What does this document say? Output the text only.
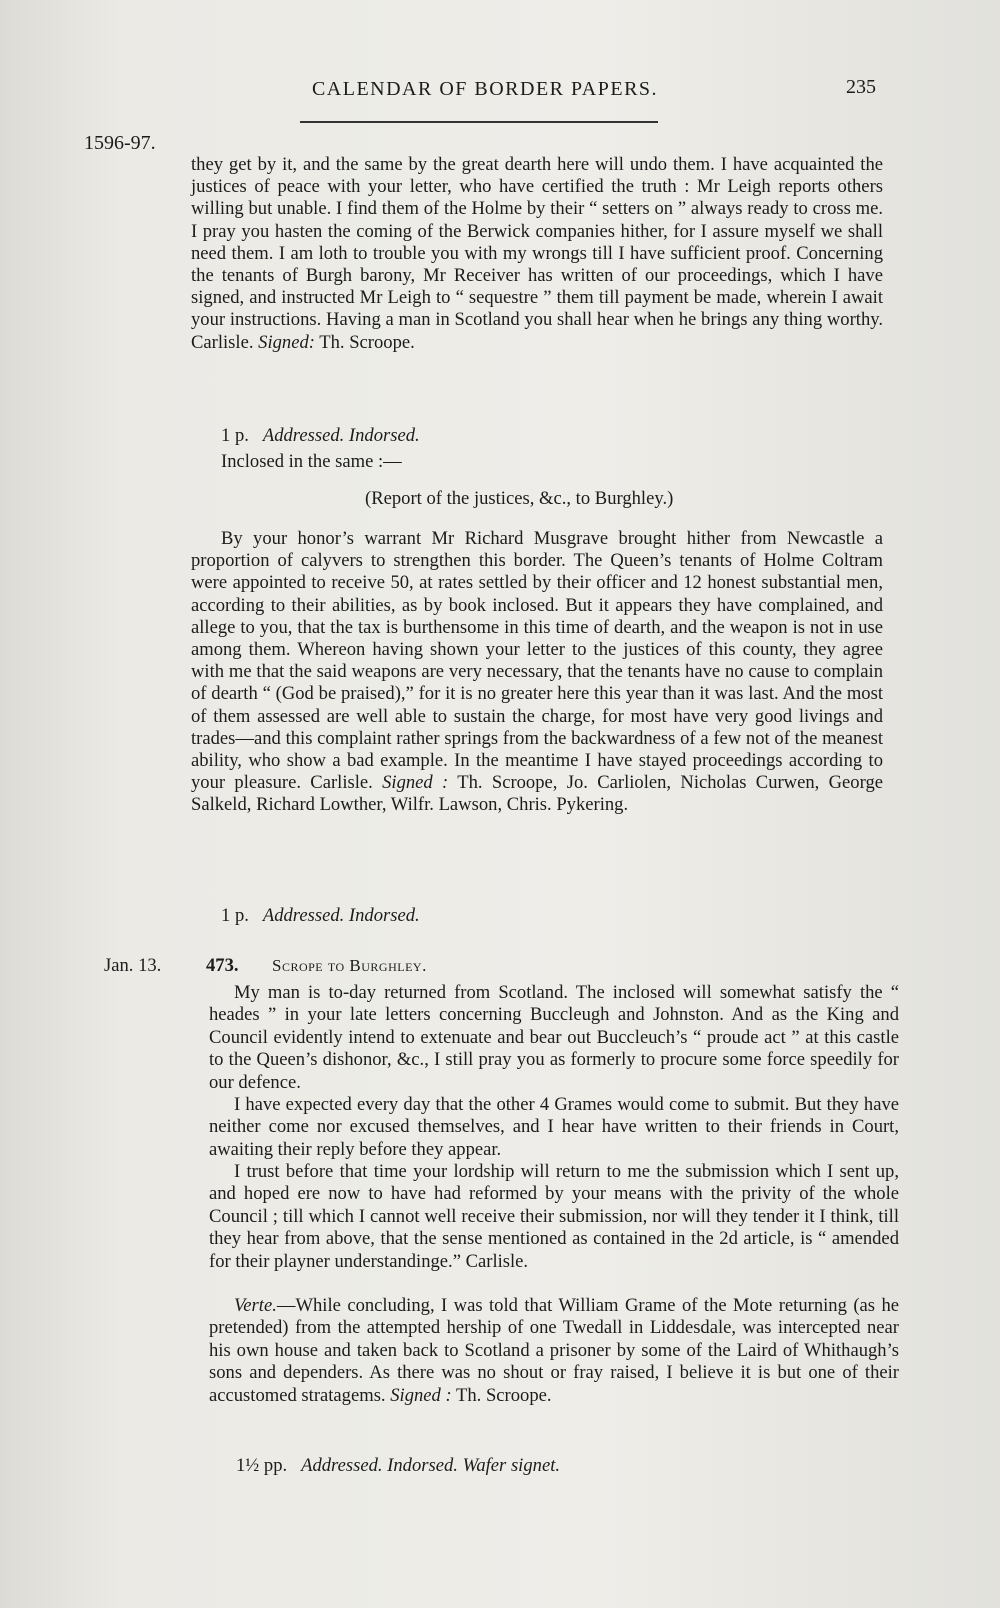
CALENDAR OF BORDER PAPERS.	235
1596-97.

they get by it, and the same by the great dearth here will undo them. I have acquainted the justices of peace with your letter, who have certified the truth : Mr Leigh reports others willing but unable. I find them of the Holme by their “ setters on ” always ready to cross me. I pray you hasten the coming of the Berwick companies hither, for I assure myself we shall need them. I am loth to trouble you with my wrongs till I have sufficient proof. Concerning the tenants of Burgh barony, Mr Receiver has written of our proceedings, which I have signed, and instructed Mr Leigh to “ sequestre ” them till payment be made, wherein I await your instructions. Having a man in Scotland you shall hear when he brings any thing worthy. Carlisle. Signed: Th. Scroope.

1 p. Addressed. Indorsed.
Inclosed in the same :—
(Report of the justices, &c., to Burghley.)

By your honor’s warrant Mr Richard Musgrave brought hither from Newcastle a proportion of calyvers to strengthen this border. The Queen’s tenants of Holme Coltram were appointed to receive 50, at rates settled by their officer and 12 honest substantial men, according to their abilities, as by book inclosed. But it appears they have complained, and allege to you, that the tax is burthensome in this time of dearth, and the weapon is not in use among them. Whereon having shown your letter to the justices of this county, they agree with me that the said weapons are very necessary, that the tenants have no cause to complain of dearth “ (God be praised),” for it is no greater here this year than it was last. And the most of them assessed are well able to sustain the charge, for most have very good livings and trades—and this complaint rather springs from the backwardness of a few not of the meanest ability, who show a bad example. In the meantime I have stayed proceedings according to your pleasure. Carlisle. Signed : Th. Scroope, Jo. Carliolen, Nicholas Curwen, George Salkeld, Richard Lowther, Wilfr. Lawson, Chris. Pykering.

1 p. Addressed. Indorsed.
Jan. 13. 473. Scrope to Burghley.

My man is to-day returned from Scotland. The inclosed will somewhat satisfy the “ heades ” in your late letters concerning Buccleugh and Johnston. And as the King and Council evidently intend to extenuate and bear out Buccleuch’s “ proude act ” at this castle to the Queen’s dishonor, &c., I still pray you as formerly to procure some force speedily for our defence.

I have expected every day that the other 4 Grames would come to submit. But they have neither come nor excused themselves, and I hear have written to their friends in Court, awaiting their reply before they appear.

I trust before that time your lordship will return to me the submission which I sent up, and hoped ere now to have had reformed by your means with the privity of the whole Council ; till which I cannot well receive their submission, nor will they tender it I think, till they hear from above, that the sense mentioned as contained in the 2d article, is “ amended for their playner understandinge.” Carlisle.

Verte.—While concluding, I was told that William Grame of the Mote returning (as he pretended) from the attempted hership of one Twedall in Liddesdale, was intercepted near his own house and taken back to Scotland a prisoner by some of the Laird of Whithaugh’s sons and dependers. As there was no shout or fray raised, I believe it is but one of their accustomed stratagems. Signed : Th. Scroope.

1½ pp. Addressed. Indorsed. Wafer signet.
